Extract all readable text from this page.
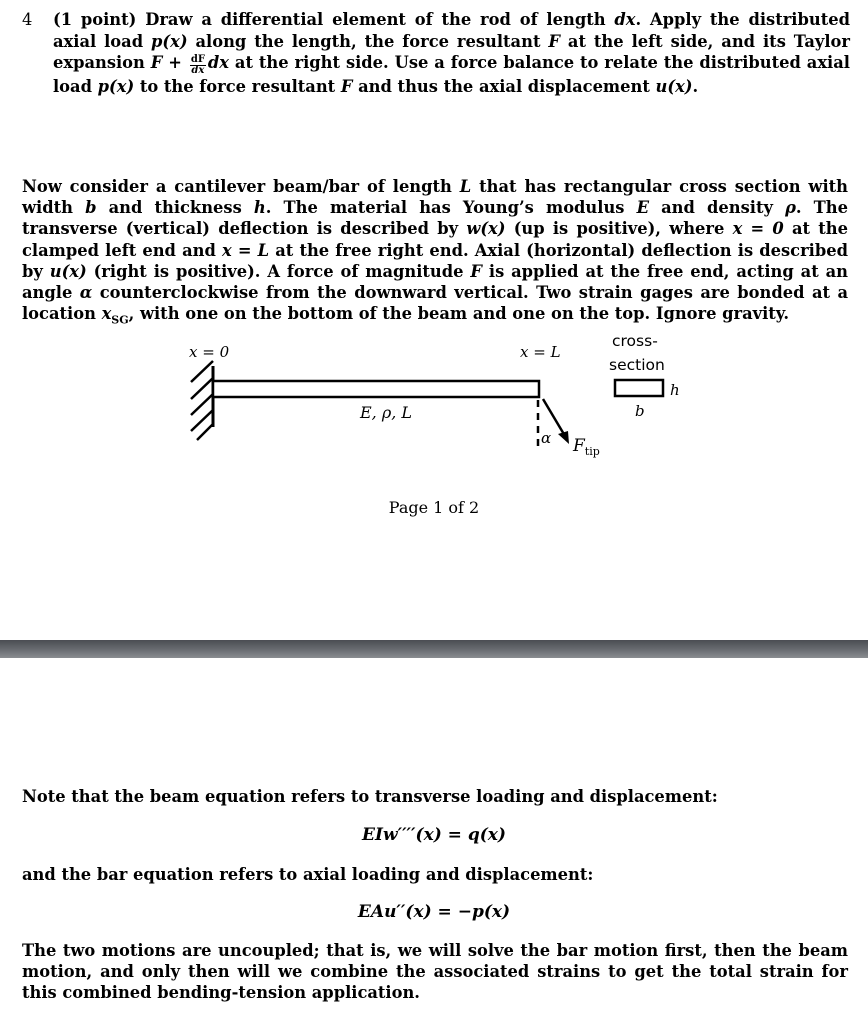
4 (1 point) Draw a differential element of the rod of length dx. Apply the distributed axial load p(x) along the length, the force resultant F at the left side, and its Taylor expansion $F + \frac{dF}{dx}$ dx at the right side. Use a force balance to relate the distributed axial load p(x) to the force resultant F and thus the axial displacement u(x).
Now consider a cantilever beam/bar of length L that has rectangular cross section with width b and thickness h. The material has Young’s modulus E and density ρ. The transverse (vertical) deflection is described by w(x) (up is positive), where x = 0 at the clamped left end and x = L at the free right end. Axial (horizontal) deflection is described by u(x) (right is positive). A force of magnitude F is applied at the free end, acting at an angle α counterclockwise from the downward vertical. Two strain gages are bonded at a location $x_{SG}$, with one on the bottom of the beam and one on the top. Ignore gravity.
x = 0	x = L
E, ρ, L
α $F_{tip}$
cross-
section
h
b
Page 1 of 2
Note that the beam equation refers to transverse loading and displacement:
EIw′′′′(x) = q(x)
and the bar equation refers to axial loading and displacement:
EAu′′(x) = −p(x)
The two motions are uncoupled; that is, we will solve the bar motion first, then the beam motion, and only then will we combine the associated strains to get the total strain for this combined bending-tension application.
